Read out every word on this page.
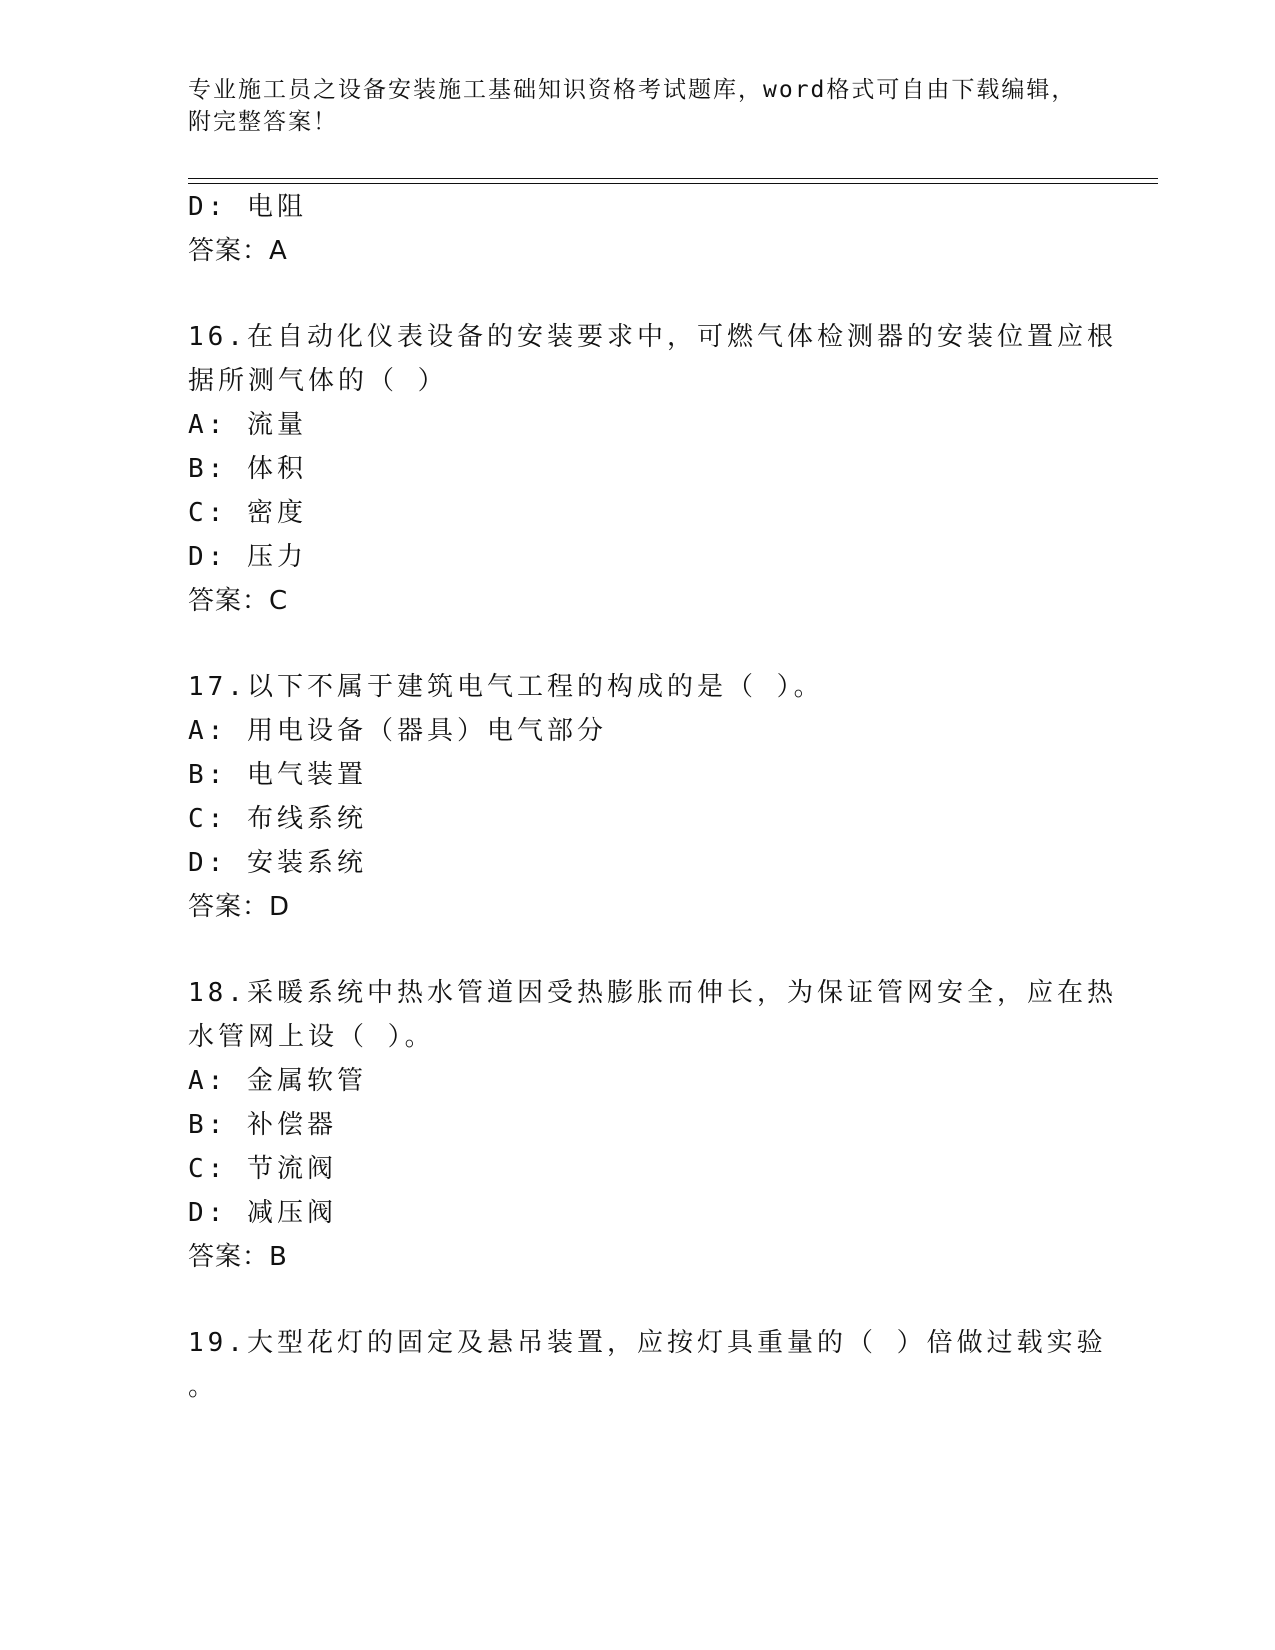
专业施工员之设备安装施工基础知识资格考试题库，word格式可自由下载编辑，
附完整答案！
D: 电阻
答案：A
16.在自动化仪表设备的安装要求中，可燃气体检测器的安装位置应根
据所测气体的（ ）
A: 流量
B: 体积
C: 密度
D: 压力
答案：C
17.以下不属于建筑电气工程的构成的是（ ）。
A: 用电设备（器具）电气部分
B: 电气装置
C: 布线系统
D: 安装系统
答案：D
18.采暖系统中热水管道因受热膨胀而伸长，为保证管网安全，应在热
水管网上设（ ）。
A: 金属软管
B: 补偿器
C: 节流阀
D: 减压阀
答案：B
19.大型花灯的固定及悬吊装置，应按灯具重量的（ ）倍做过载实验
。
